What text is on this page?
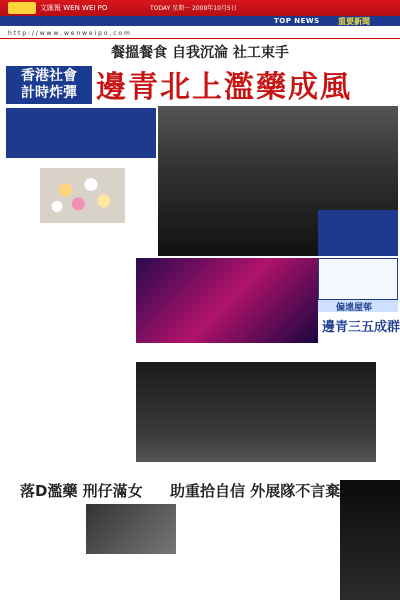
文匯報 WEN WEI PO	TODAY 星期一 2009年10月5日
TOP NEWS 重要新聞
h t t p : / / w w w . w e n w e i p o . c o m
餐搵餐食 自我沉淪 社工束手
香港社會
計時炸彈 邊青北上濫藥成風
偏遠屋邨
邊青三五成群
落D濫藥 刑仔滿女 助重拾自信 外展隊不言棄
